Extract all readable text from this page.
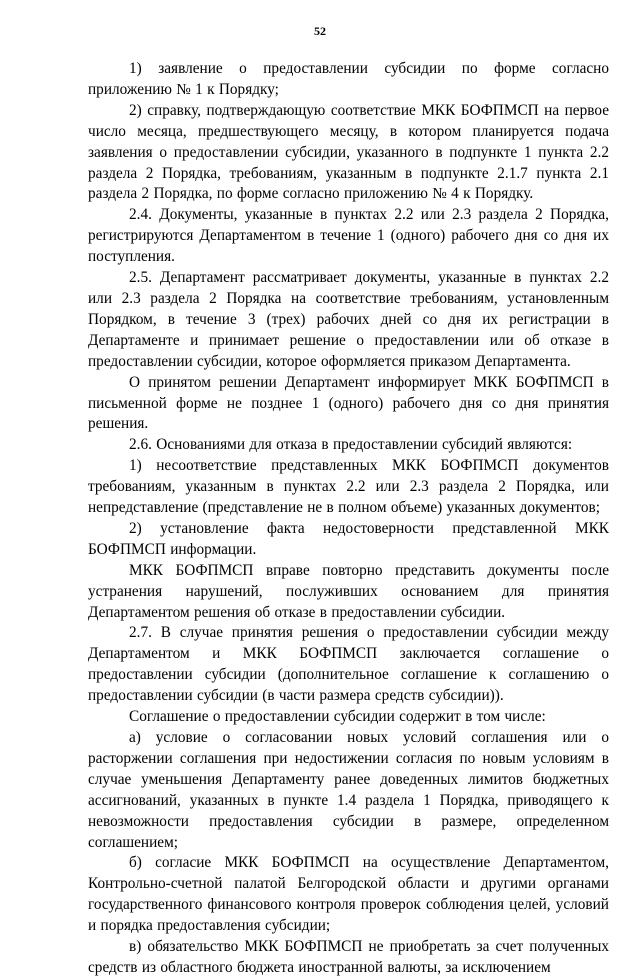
52

1) заявление о предоставлении субсидии по форме согласно приложению № 1 к Порядку;

2) справку, подтверждающую соответствие МКК БОФПМСП на первое число месяца, предшествующего месяцу, в котором планируется подача заявления о предоставлении субсидии, указанного в подпункте 1 пункта 2.2 раздела 2 Порядка, требованиям, указанным в подпункте 2.1.7 пункта 2.1 раздела 2 Порядка, по форме согласно приложению № 4 к Порядку.

2.4. Документы, указанные в пунктах 2.2 или 2.3 раздела 2 Порядка, регистрируются Департаментом в течение 1 (одного) рабочего дня со дня их поступления.

2.5. Департамент рассматривает документы, указанные в пунктах 2.2 или 2.3 раздела 2 Порядка на соответствие требованиям, установленным Порядком, в течение 3 (трех) рабочих дней со дня их регистрации в Департаменте и принимает решение о предоставлении или об отказе в предоставлении субсидии, которое оформляется приказом Департамента.

О принятом решении Департамент информирует МКК БОФПМСП в письменной форме не позднее 1 (одного) рабочего дня со дня принятия решения.

2.6. Основаниями для отказа в предоставлении субсидий являются:

1) несоответствие представленных МКК БОФПМСП документов требованиям, указанным в пунктах 2.2 или 2.3 раздела 2 Порядка, или непредставление (представление не в полном объеме) указанных документов;

2) установление факта недостоверности представленной МКК БОФПМСП информации.

МКК БОФПМСП вправе повторно представить документы после устранения нарушений, послуживших основанием для принятия Департаментом решения об отказе в предоставлении субсидии.

2.7. В случае принятия решения о предоставлении субсидии между Департаментом и МКК БОФПМСП заключается соглашение о предоставлении субсидии (дополнительное соглашение к соглашению о предоставлении субсидии (в части размера средств субсидии)).

Соглашение о предоставлении субсидии содержит в том числе:

а) условие о согласовании новых условий соглашения или о расторжении соглашения при недостижении согласия по новым условиям в случае уменьшения Департаменту ранее доведенных лимитов бюджетных ассигнований, указанных в пункте 1.4 раздела 1 Порядка, приводящего к невозможности предоставления субсидии в размере, определенном соглашением;

б) согласие МКК БОФПМСП на осуществление Департаментом, Контрольно-счетной палатой Белгородской области и другими органами государственного финансового контроля проверок соблюдения целей, условий и порядка предоставления субсидии;

в) обязательство МКК БОФПМСП не приобретать за счет полученных средств из областного бюджета иностранной валюты, за исключением
